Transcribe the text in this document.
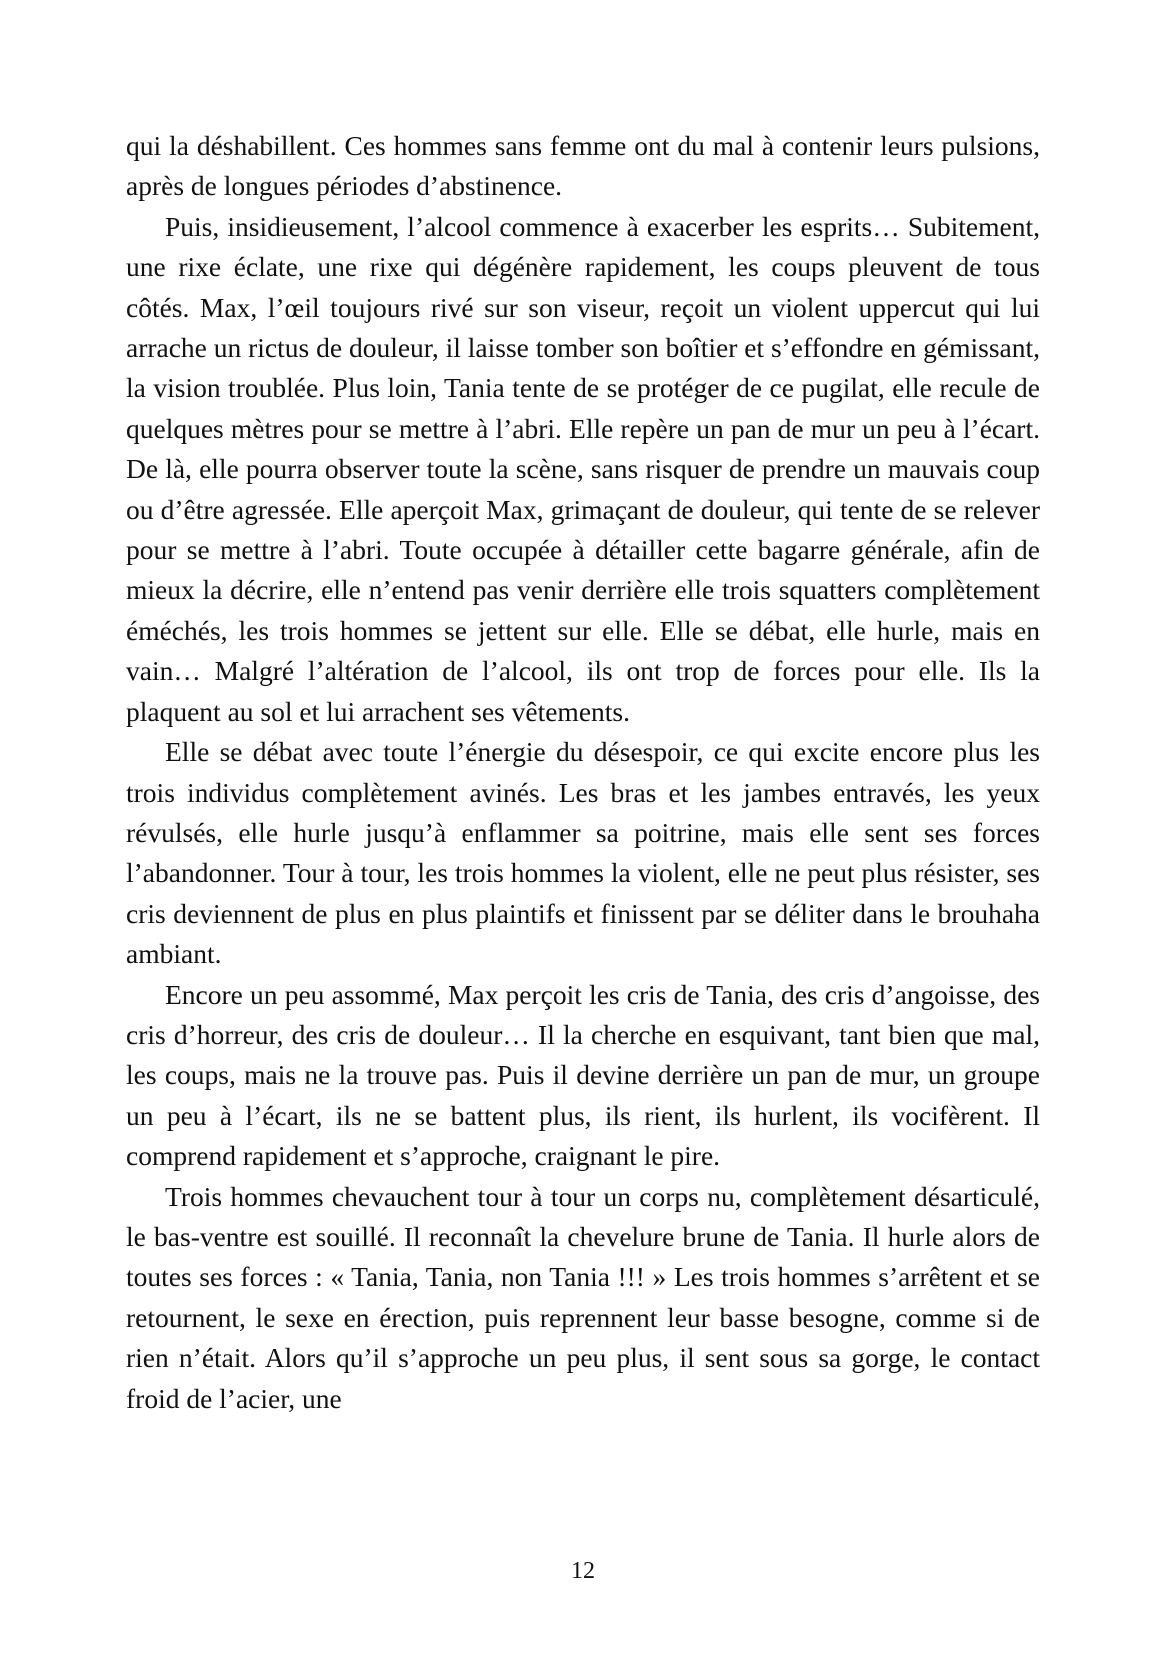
qui la déshabillent. Ces hommes sans femme ont du mal à contenir leurs pulsions, après de longues périodes d’abstinence.

Puis, insidieusement, l’alcool commence à exacerber les esprits… Subitement, une rixe éclate, une rixe qui dégénère rapidement, les coups pleuvent de tous côtés. Max, l’œil toujours rivé sur son viseur, reçoit un violent uppercut qui lui arrache un rictus de douleur, il laisse tomber son boîtier et s’effondre en gémissant, la vision troublée. Plus loin, Tania tente de se protéger de ce pugilat, elle recule de quelques mètres pour se mettre à l’abri. Elle repère un pan de mur un peu à l’écart. De là, elle pourra observer toute la scène, sans risquer de prendre un mauvais coup ou d’être agressée. Elle aperçoit Max, grimaçant de douleur, qui tente de se relever pour se mettre à l’abri. Toute occupée à détailler cette bagarre générale, afin de mieux la décrire, elle n’entend pas venir derrière elle trois squatters complètement éméchés, les trois hommes se jettent sur elle. Elle se débat, elle hurle, mais en vain… Malgré l’altération de l’alcool, ils ont trop de forces pour elle. Ils la plaquent au sol et lui arrachent ses vêtements.

Elle se débat avec toute l’énergie du désespoir, ce qui excite encore plus les trois individus complètement avinés. Les bras et les jambes entravés, les yeux révulsés, elle hurle jusqu’à enflammer sa poitrine, mais elle sent ses forces l’abandonner. Tour à tour, les trois hommes la violent, elle ne peut plus résister, ses cris deviennent de plus en plus plaintifs et finissent par se déliter dans le brouhaha ambiant.

Encore un peu assommé, Max perçoit les cris de Tania, des cris d’angoisse, des cris d’horreur, des cris de douleur… Il la cherche en esquivant, tant bien que mal, les coups, mais ne la trouve pas. Puis il devine derrière un pan de mur, un groupe un peu à l’écart, ils ne se battent plus, ils rient, ils hurlent, ils vocifèrent. Il comprend rapidement et s’approche, craignant le pire.

Trois hommes chevauchent tour à tour un corps nu, complètement désarticulé, le bas-ventre est souillé. Il reconnaît la chevelure brune de Tania. Il hurle alors de toutes ses forces : « Tania, Tania, non Tania !!! » Les trois hommes s’arrêtent et se retournent, le sexe en érection, puis reprennent leur basse besogne, comme si de rien n’était. Alors qu’il s’approche un peu plus, il sent sous sa gorge, le contact froid de l’acier, une

12
